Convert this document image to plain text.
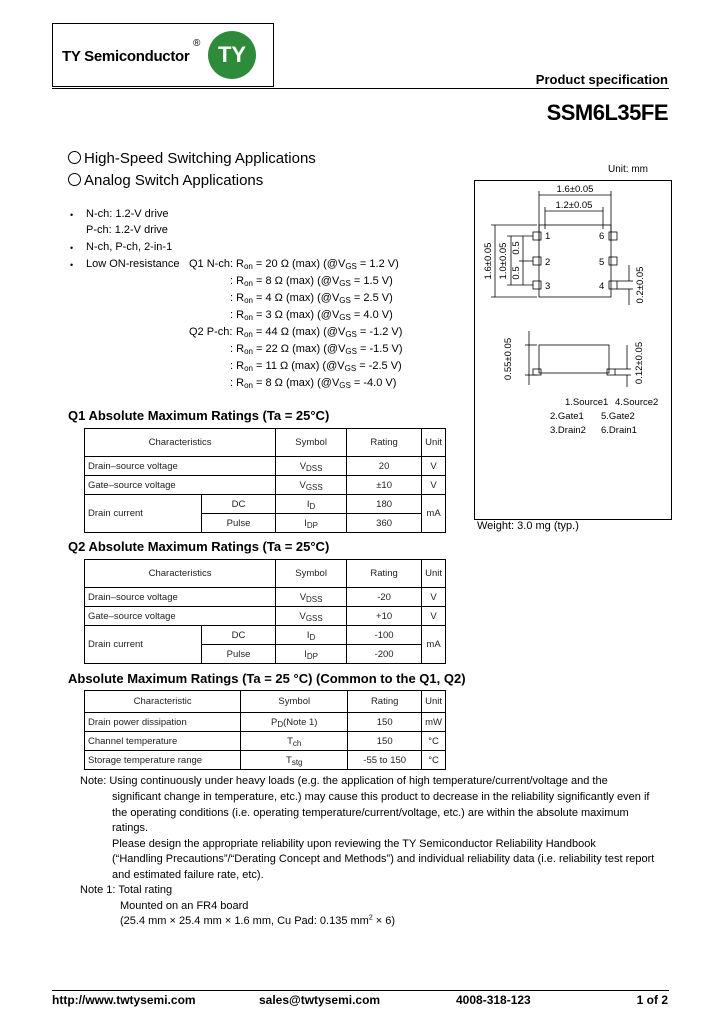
TY Semiconductor
® TY
Product specification
SSM6L35FE
High-Speed Switching Applications
Analog Switch Applications
• N-ch: 1.2-V drive
P-ch: 1.2-V drive
• N-ch, P-ch, 2-in-1
• Low ON-resistance Q1 N-ch: $R_{on} = 20$ Ω (max) ($@V_{GS} = 1.2$ V)
: $R_{on} = 8$ Ω (max) ($@V_{GS} = 1.5$ V)
: $R_{on} = 4$ Ω (max) ($@V_{GS} = 2.5$ V)
: $R_{on} = 3$ Ω (max) ($@V_{GS} = 4.0$ V)
Q2 P-ch: $R_{on} = 44$ Ω (max) ($@V_{GS} = -1.2$ V)
: $R_{on} = 22$ Ω (max) ($@V_{GS} = -1.5$ V)
: $R_{on} = 11$ Ω (max) ($@V_{GS} = -2.5$ V)
: $R_{on} = 8$ Ω (max) ($@V_{GS} = -4.0$ V)
Unit: mm
1.6±0.05
1.2±0.05
1
2
3
6
5
4
1.6±0.05 1.0±0.05 0.5
0.5	0.2±0.05
0.55±0.05	0.12±0.05
1.Source1 4.Source2
2.Gate1 5.Gate2
3.Drain2 6.Drain1
Weight: 3.0 mg (typ.)
Q1 Absolute Maximum Ratings (Ta = 25°C)
Characteristics		Symbol	Rating	Unit
Drain–source voltage		$V_{DSS}$	20	V
Gate–source voltage		$V_{GSS}$	±10	V
Drain current	DC	$I_D$	180	mA
	Pulse	$I_{DP}$	360	
Q2 Absolute Maximum Ratings (Ta = 25°C)
Characteristics		Symbol	Rating	Unit
Drain–source voltage		$V_{DSS}$	-20	V
Gate–source voltage		$V_{GSS}$	+10	V
Drain current	DC	$I_D$	-100	mA
	Pulse	$I_{DP}$	-200	
Absolute Maximum Ratings (Ta = 25 °C) (Common to the Q1, Q2)
Characteristic	Symbol	Rating	Unit
Drain power dissipation	$P_D(Note$ 1)	150	mW
Channel temperature	$T_{ch}$	150	°C
Storage temperature range	$T_{stg}$	-55 to 150	°C
Note: Using continuously under heavy loads (e.g. the application of high temperature/current/voltage and the
significant change in temperature, etc.) may cause this product to decrease in the reliability significantly even if
the operating conditions (i.e. operating temperature/current/voltage, etc.) are within the absolute maximum
ratings.
Please design the appropriate reliability upon reviewing the TY Semiconductor Reliability Handbook
(“Handling Precautions”/“Derating Concept and Methods”) and individual reliability data (i.e. reliability test report
and estimated failure rate, etc).
Note 1: Total rating
Mounted on an FR4 board
(25.4 mm × 25.4 mm × 1.6 mm, Cu Pad: 0.135 $mm^2 \times 6$)
http://www.twtysemi.com	sales@twtysemi.com	4008-318-123	1 of 2
